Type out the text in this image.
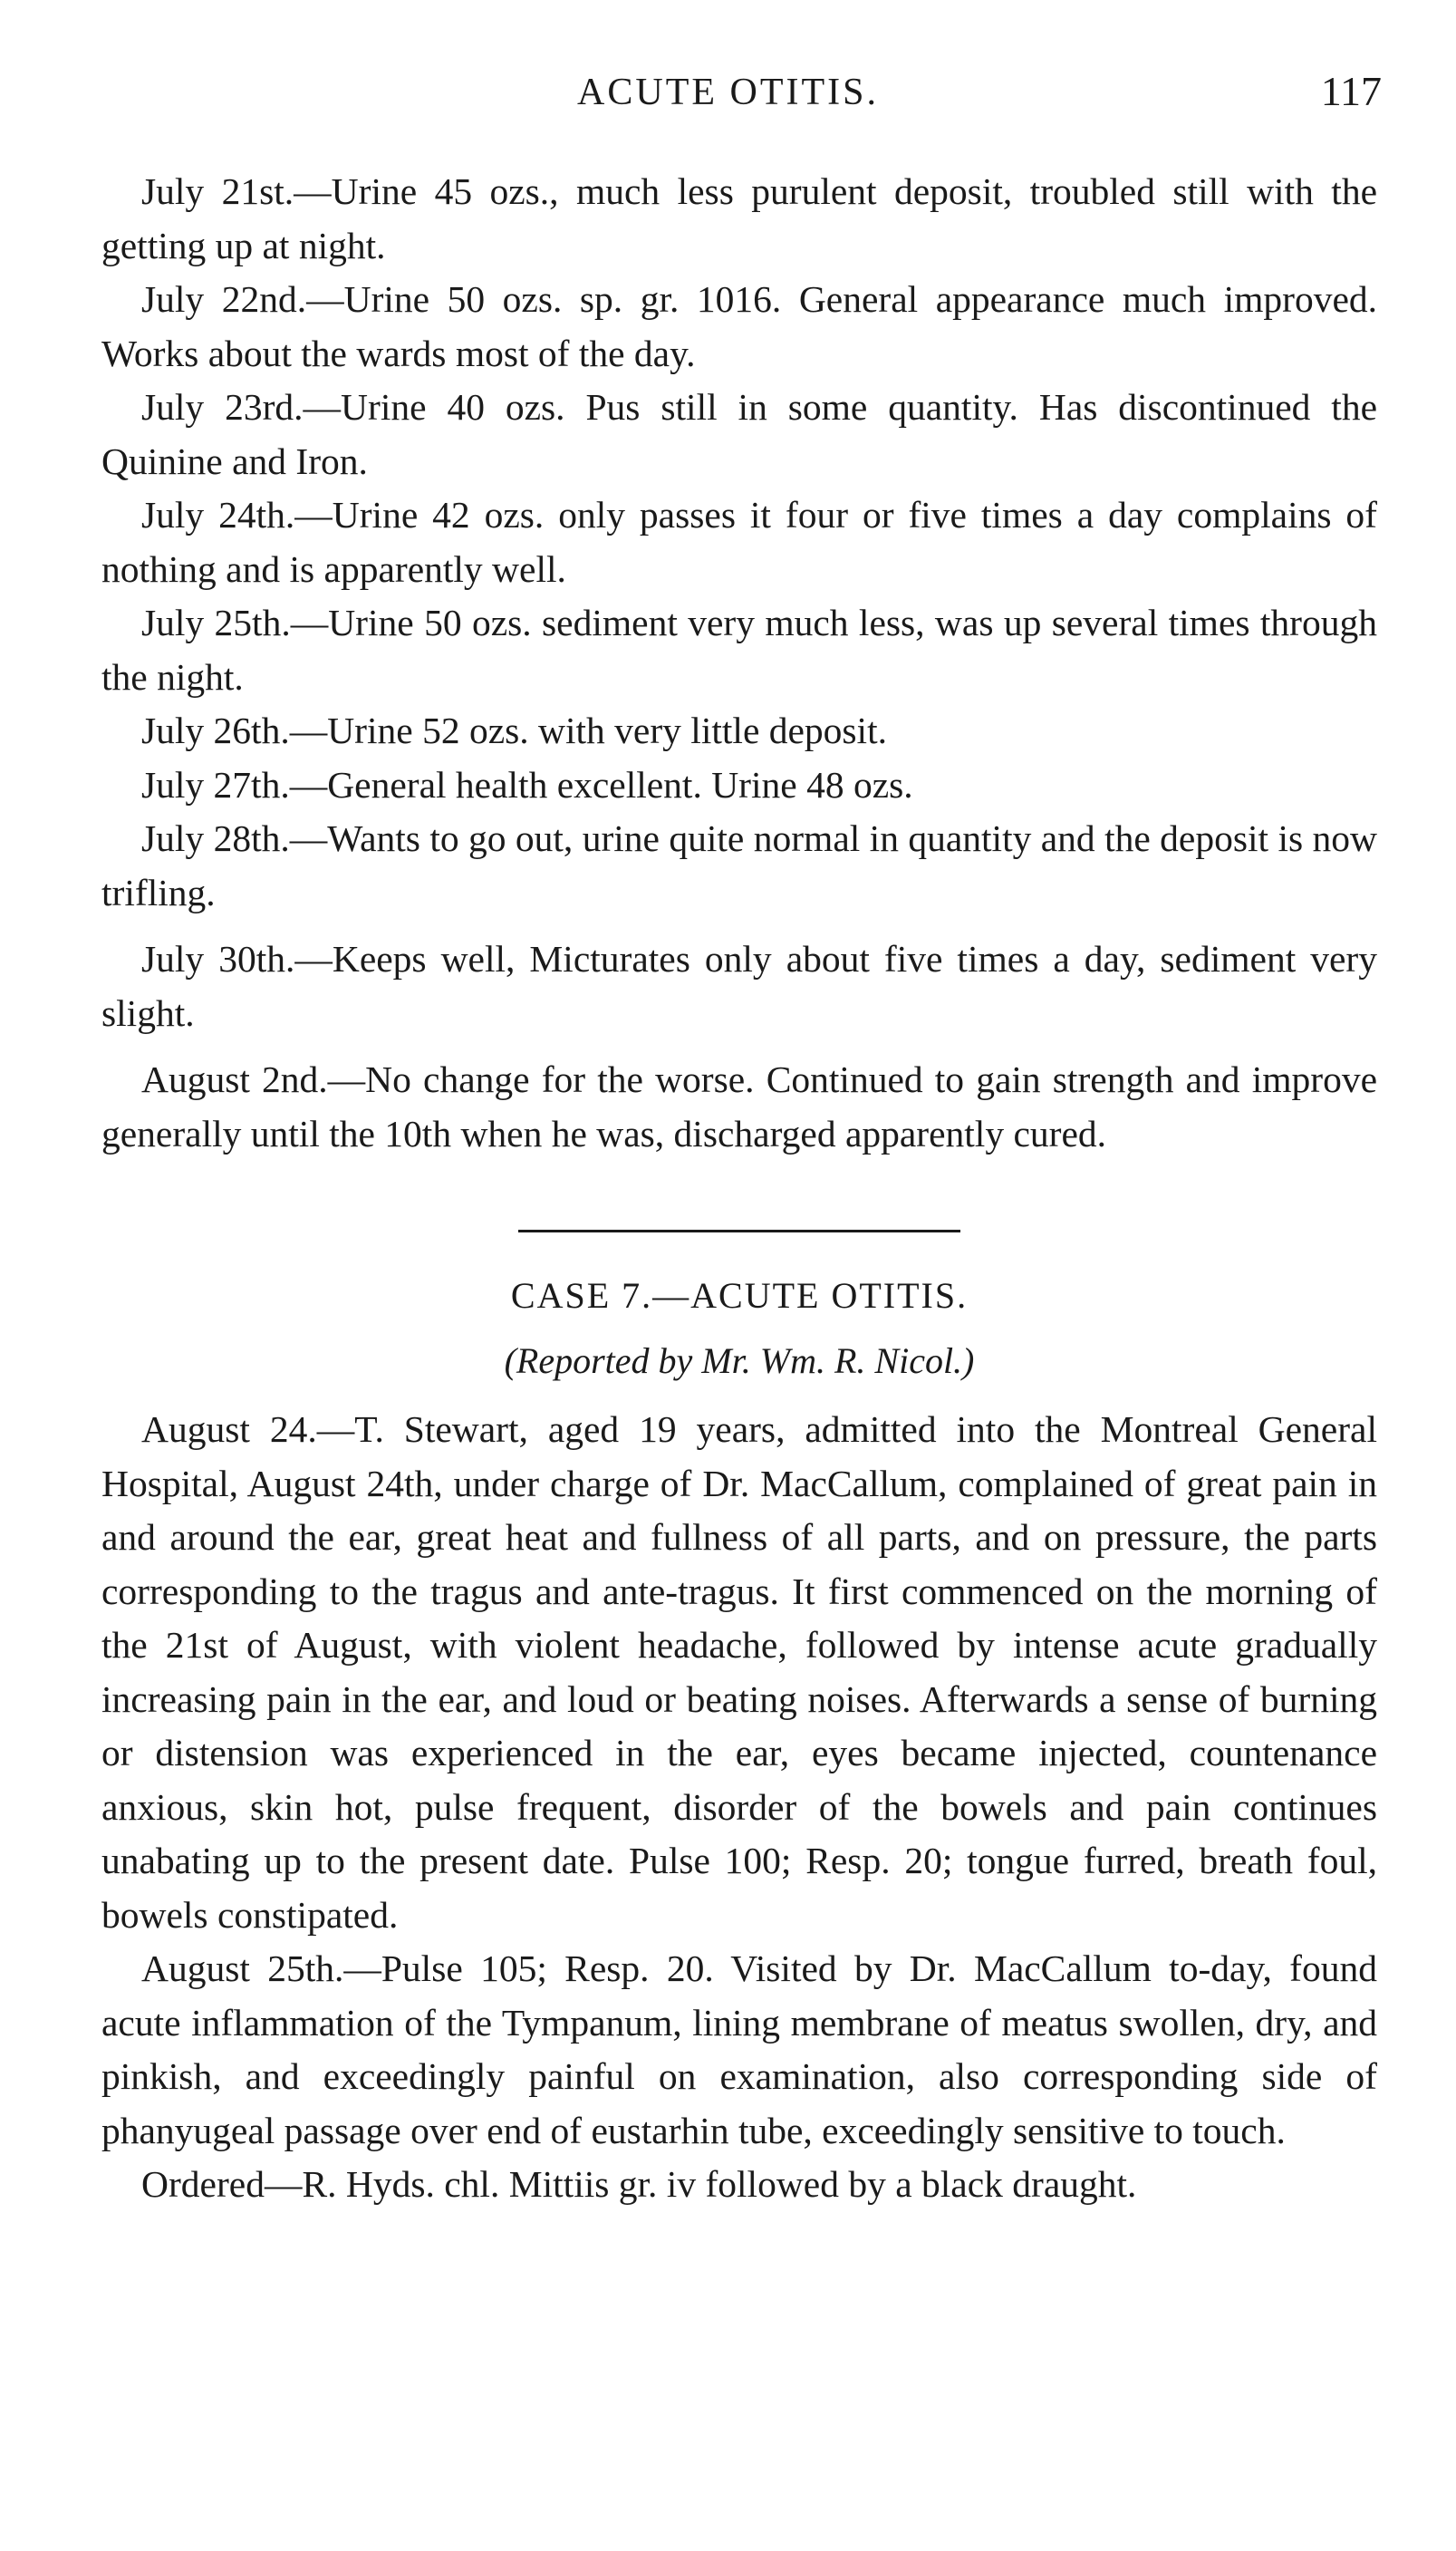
ACUTE OTITIS.	117

July 21st.—Urine 45 ozs., much less purulent deposit, troubled still with the getting up at night.

July 22nd.—Urine 50 ozs. sp. gr. 1016. General appearance much improved. Works about the wards most of the day.

July 23rd.—Urine 40 ozs. Pus still in some quantity. Has discontinued the Quinine and Iron.

July 24th.—Urine 42 ozs. only passes it four or five times a day complains of nothing and is apparently well.

July 25th.—Urine 50 ozs. sediment very much less, was up several times through the night.

July 26th.—Urine 52 ozs. with very little deposit.

July 27th.—General health excellent. Urine 48 ozs.

July 28th.—Wants to go out, urine quite normal in quantity and the deposit is now trifling.

July 30th.—Keeps well, Micturates only about five times a day, sediment very slight.

August 2nd.—No change for the worse. Continued to gain strength and improve generally until the 10th when he was, discharged apparently cured.

CASE 7.—ACUTE OTITIS.

(Reported by Mr. Wm. R. Nicol.)

August 24.—T. Stewart, aged 19 years, admitted into the Montreal General Hospital, August 24th, under charge of Dr. MacCallum, complained of great pain in and around the ear, great heat and fullness of all parts, and on pressure, the parts corresponding to the tragus and ante-tragus. It first commenced on the morning of the 21st of August, with violent headache, followed by intense acute gradually increasing pain in the ear, and loud or beating noises. Afterwards a sense of burning or distension was experienced in the ear, eyes became injected, countenance anxious, skin hot, pulse frequent, disorder of the bowels and pain continues unabating up to the present date. Pulse 100; Resp. 20; tongue furred, breath foul, bowels constipated.

August 25th.—Pulse 105; Resp. 20. Visited by Dr. MacCallum to-day, found acute inflammation of the Tympanum, lining membrane of meatus swollen, dry, and pinkish, and exceedingly painful on examination, also corresponding side of phanyugeal passage over end of eustarhin tube, exceedingly sensitive to touch.

Ordered—R. Hyds. chl. Mittiis gr. iv followed by a black draught.
